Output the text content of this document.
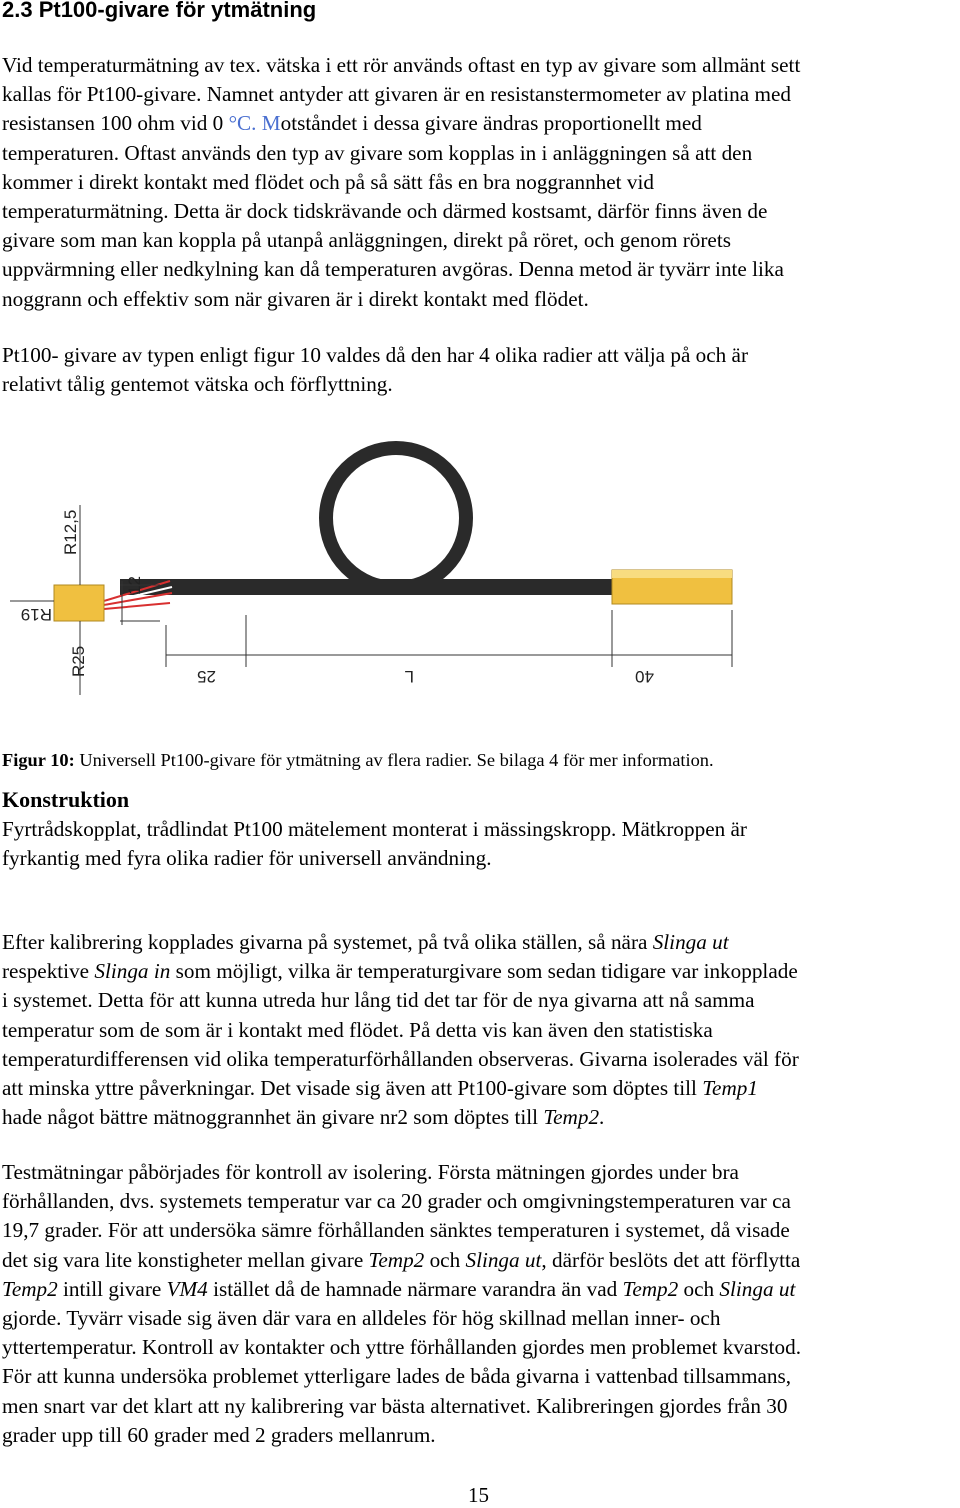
2.3 Pt100-givare för ytmätning
Vid temperaturmätning av tex. vätska i ett rör används oftast en typ av givare som allmänt sett
kallas för Pt100-givare. Namnet antyder att givaren är en resistanstermometer av platina med
resistansen 100 ohm vid 0 °C. Motståndet i dessa givare ändras proportionellt med
temperaturen. Oftast används den typ av givare som kopplas in i anläggningen så att den
kommer i direkt kontakt med flödet och på så sätt fås en bra noggrannhet vid
temperaturmätning. Detta är dock tidskrävande och därmed kostsamt, därför finns även de
givare som man kan koppla på utanpå anläggningen, direkt på röret, och genom rörets
uppvärmning eller nedkylning kan då temperaturen avgöras. Denna metod är tyvärr inte lika
noggrann och effektiv som när givaren är i direkt kontakt med flödet.
Pt100- givare av typen enligt figur 10 valdes då den har 4 olika radier att välja på och är
relativt tålig gentemot vätska och förflyttning.
R12,5
R19
R25
12
25	L	40
Figur 10: Universell Pt100-givare för ytmätning av flera radier. Se bilaga 4 för mer information.
Konstruktion
Fyrtrådskopplat, trådlindat Pt100 mätelement monterat i mässingskropp. Mätkroppen är
fyrkantig med fyra olika radier för universell användning.
Efter kalibrering kopplades givarna på systemet, på två olika ställen, så nära Slinga ut
respektive Slinga in som möjligt, vilka är temperaturgivare som sedan tidigare var inkopplade
i systemet. Detta för att kunna utreda hur lång tid det tar för de nya givarna att nå samma
temperatur som de som är i kontakt med flödet. På detta vis kan även den statistiska
temperaturdifferensen vid olika temperaturförhållanden observeras. Givarna isolerades väl för
att minska yttre påverkningar. Det visade sig även att Pt100-givare som döptes till Temp1
hade något bättre mätnoggrannhet än givare nr2 som döptes till Temp2.
Testmätningar påbörjades för kontroll av isolering. Första mätningen gjordes under bra
förhållanden, dvs. systemets temperatur var ca 20 grader och omgivningstemperaturen var ca
19,7 grader. För att undersöka sämre förhållanden sänktes temperaturen i systemet, då visade
det sig vara lite konstigheter mellan givare Temp2 och Slinga ut, därför beslöts det att förflytta
Temp2 intill givare VM4 istället då de hamnade närmare varandra än vad Temp2 och Slinga ut
gjorde. Tyvärr visade sig även där vara en alldeles för hög skillnad mellan inner- och
yttertemperatur. Kontroll av kontakter och yttre förhållanden gjordes men problemet kvarstod.
För att kunna undersöka problemet ytterligare lades de båda givarna i vattenbad tillsammans,
men snart var det klart att ny kalibrering var bästa alternativet. Kalibreringen gjordes från 30
grader upp till 60 grader med 2 graders mellanrum.
15
